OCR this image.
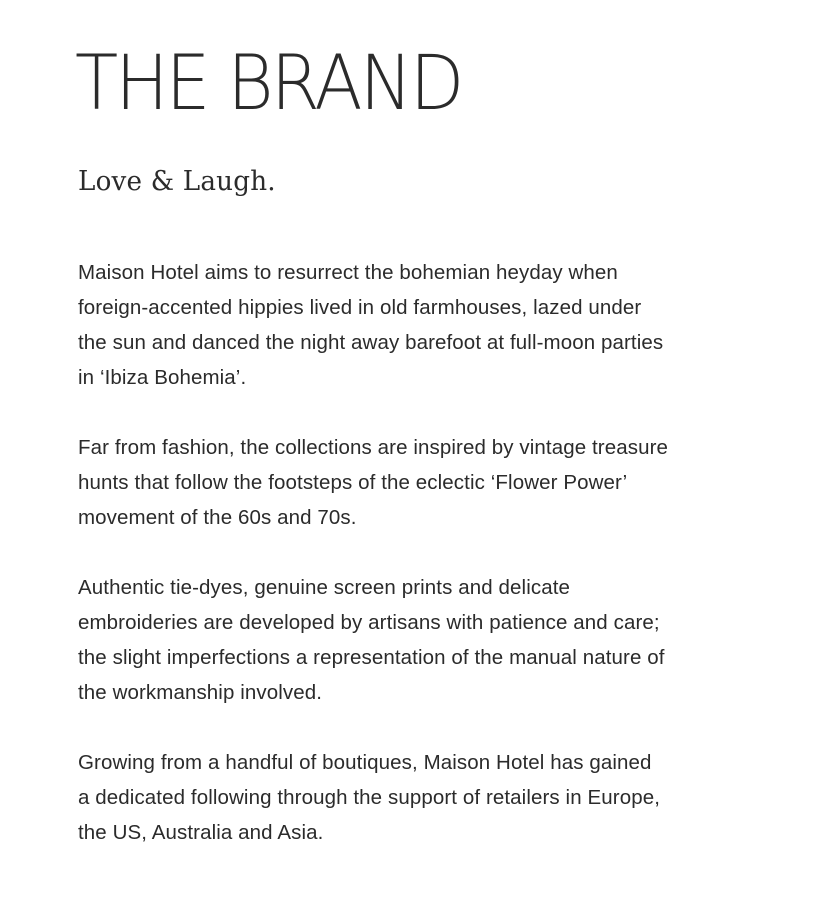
THE BRAND
Love & Laugh.

Maison Hotel aims to resurrect the bohemian heyday when
foreign-accented hippies lived in old farmhouses, lazed under
the sun and danced the night away barefoot at full-moon parties
in ‘Ibiza Bohemia’.

Far from fashion, the collections are inspired by vintage treasure
hunts that follow the footsteps of the eclectic ‘Flower Power’
movement of the 60s and 70s.

Authentic tie-dyes, genuine screen prints and delicate
embroideries are developed by artisans with patience and care;
the slight imperfections a representation of the manual nature of
the workmanship involved.

Growing from a handful of boutiques, Maison Hotel has gained
a dedicated following through the support of retailers in Europe,
the US, Australia and Asia.
